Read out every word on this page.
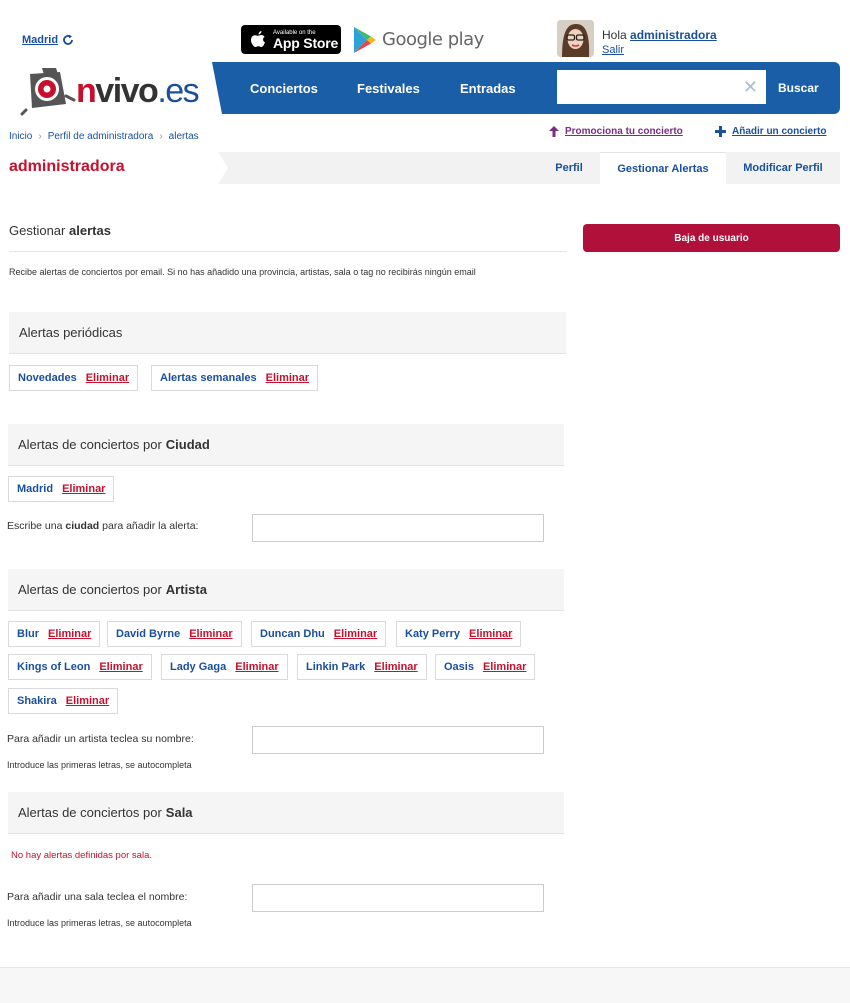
Madrid
Available on the
App Store Google play	Hola administradora
Salir
nvivo.es	Conciertos	Festivales	Entradas	✕ Buscar
Inicio › Perfil de administradora › alertas	Promociona tu concierto	Añadir un concierto
administradora	Perfil	Gestionar Alertas	Modificar Perfil
Gestionar alertas

Recibe alertas de conciertos por email. Si no has añadido una provincia, artistas, sala o tag no recibirás ningún email

Baja de usuario
Alertas periódicas
Novedades Eliminar	Alertas semanales Eliminar
Alertas de conciertos por Ciudad
Madrid Eliminar
Escribe una ciudad para añadir la alerta:
Alertas de conciertos por Artista
Blur Eliminar David Byrne Eliminar Duncan Dhu Eliminar	Katy Perry Eliminar
Kings of Leon Eliminar Lady Gaga Eliminar Linkin Park Eliminar Oasis Eliminar
Shakira Eliminar
Para añadir un artista teclea su nombre:
Introduce las primeras letras, se autocompleta
Alertas de conciertos por Sala
No hay alertas definidas por sala.
Para añadir una sala teclea el nombre:
Introduce las primeras letras, se autocompleta
